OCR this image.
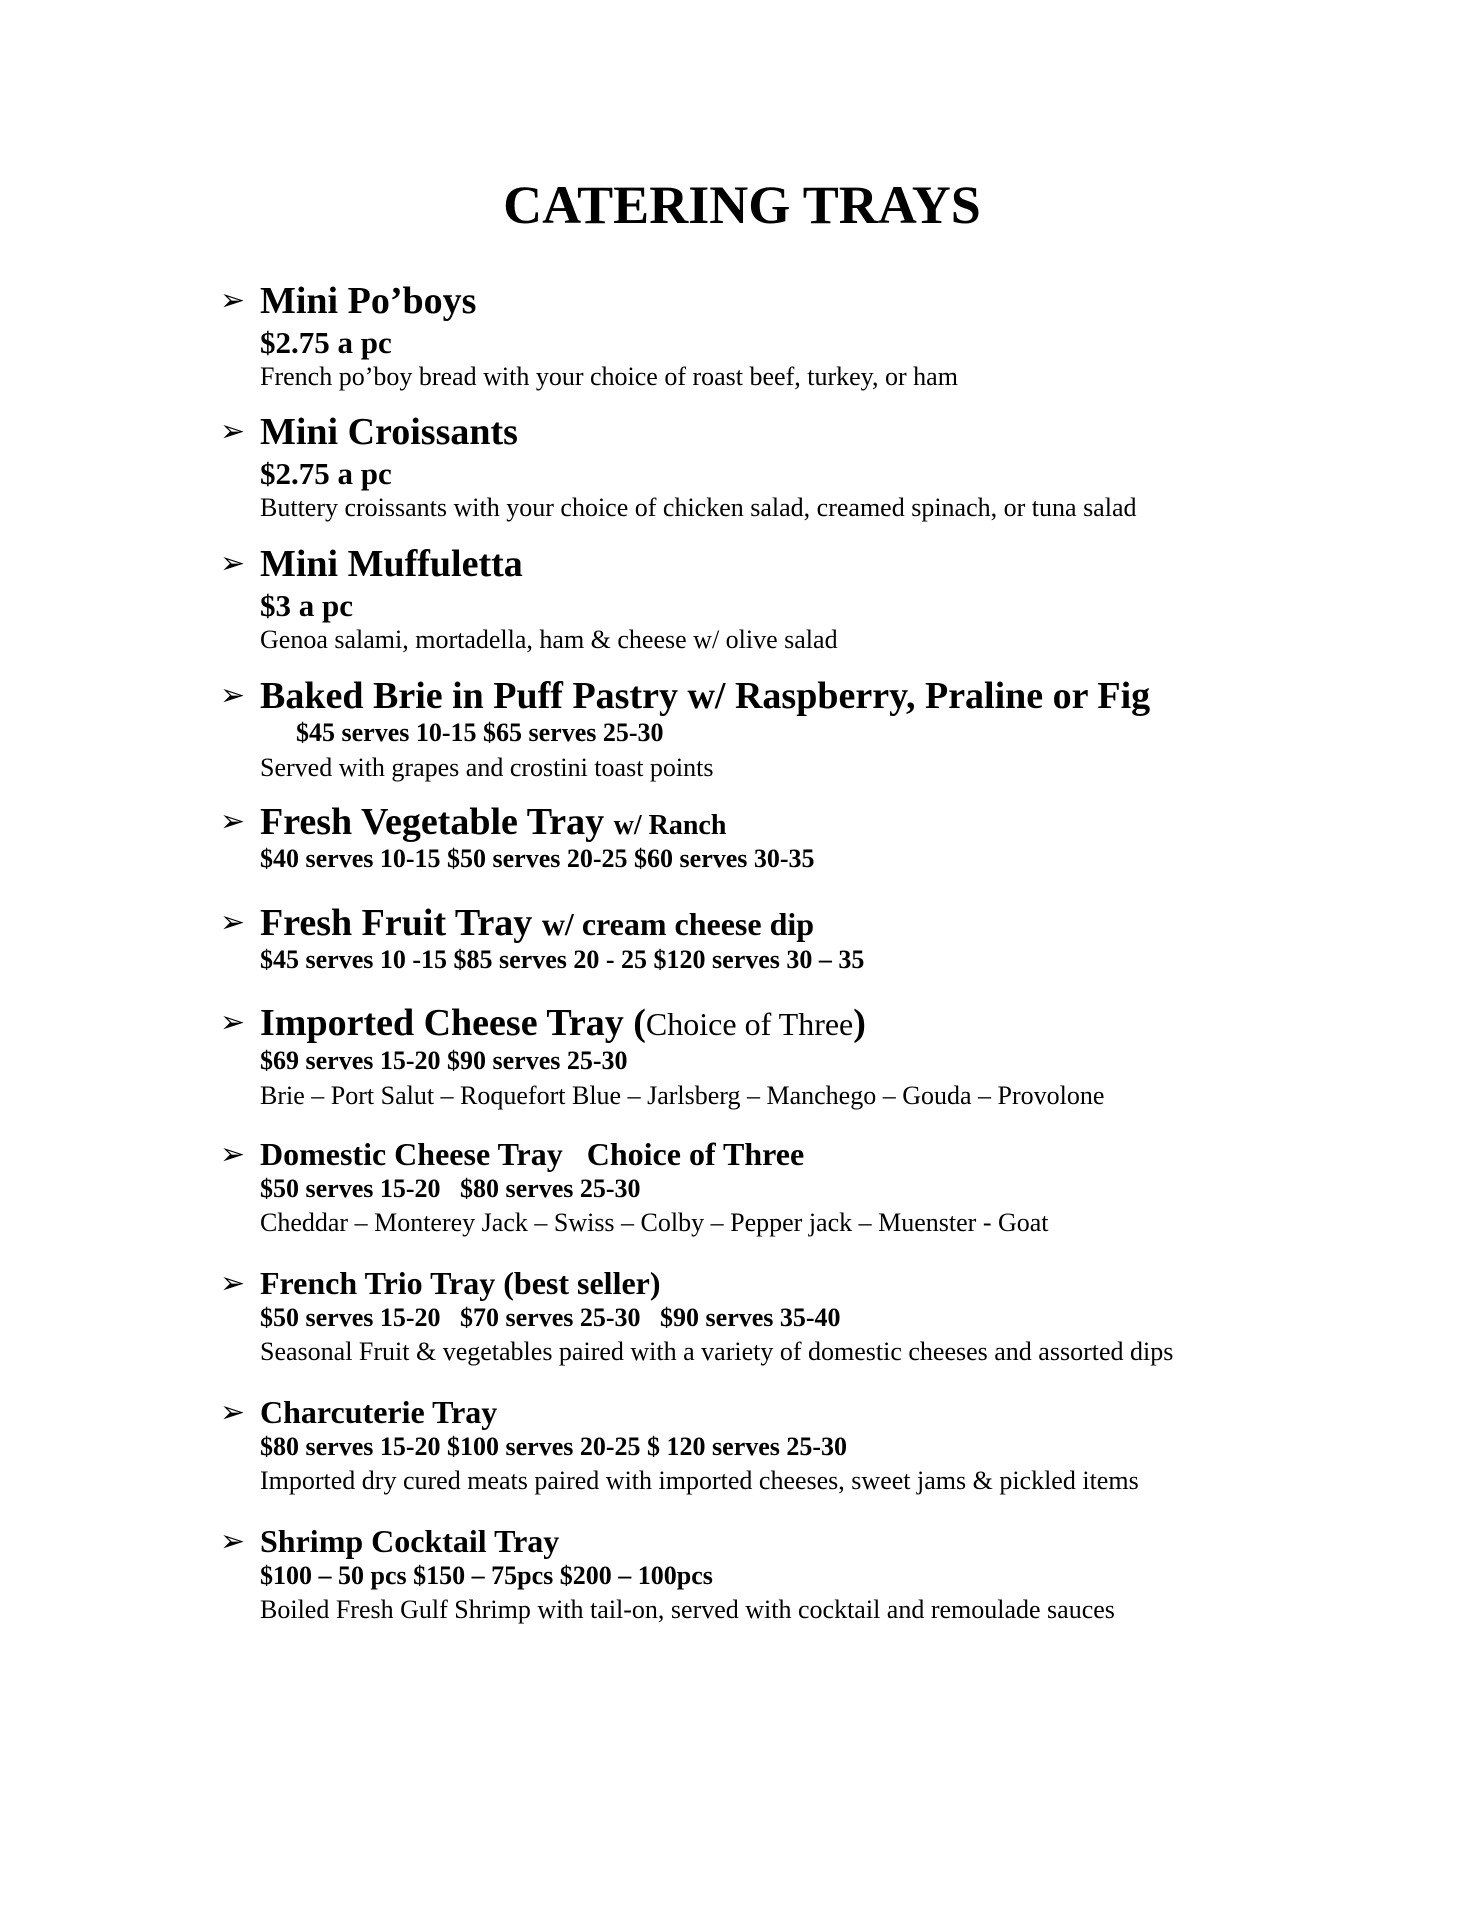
CATERING TRAYS
➢ Mini Po’boys
$2.75 a pc
French po’boy bread with your choice of roast beef, turkey, or ham
➢ Mini Croissants
$2.75 a pc
Buttery croissants with your choice of chicken salad, creamed spinach, or tuna salad
➢ Mini Muffuletta
$3 a pc
Genoa salami, mortadella, ham & cheese w/ olive salad
➢ Baked Brie in Puff Pastry w/ Raspberry, Praline or Fig
$45 serves 10-15 $65 serves 25-30
Served with grapes and crostini toast points
➢ Fresh Vegetable Tray w/ Ranch
$40 serves 10-15 $50 serves 20-25 $60 serves 30-35
➢ Fresh Fruit Tray w/ cream cheese dip
$45 serves 10 -15 $85 serves 20 - 25 $120 serves 30 – 35
➢ Imported Cheese Tray (Choice of Three)
$69 serves 15-20 $90 serves 25-30
Brie – Port Salut – Roquefort Blue – Jarlsberg – Manchego – Gouda – Provolone
➢ Domestic Cheese Tray   Choice of Three
$50 serves 15-20   $80 serves 25-30
Cheddar – Monterey Jack – Swiss – Colby – Pepper jack – Muenster - Goat
➢ French Trio Tray (best seller)
$50 serves 15-20   $70 serves 25-30   $90 serves 35-40
Seasonal Fruit & vegetables paired with a variety of domestic cheeses and assorted dips
➢ Charcuterie Tray
$80 serves 15-20 $100 serves 20-25 $ 120 serves 25-30
Imported dry cured meats paired with imported cheeses, sweet jams & pickled items
➢ Shrimp Cocktail Tray
$100 – 50 pcs $150 – 75pcs $200 – 100pcs
Boiled Fresh Gulf Shrimp with tail-on, served with cocktail and remoulade sauces
